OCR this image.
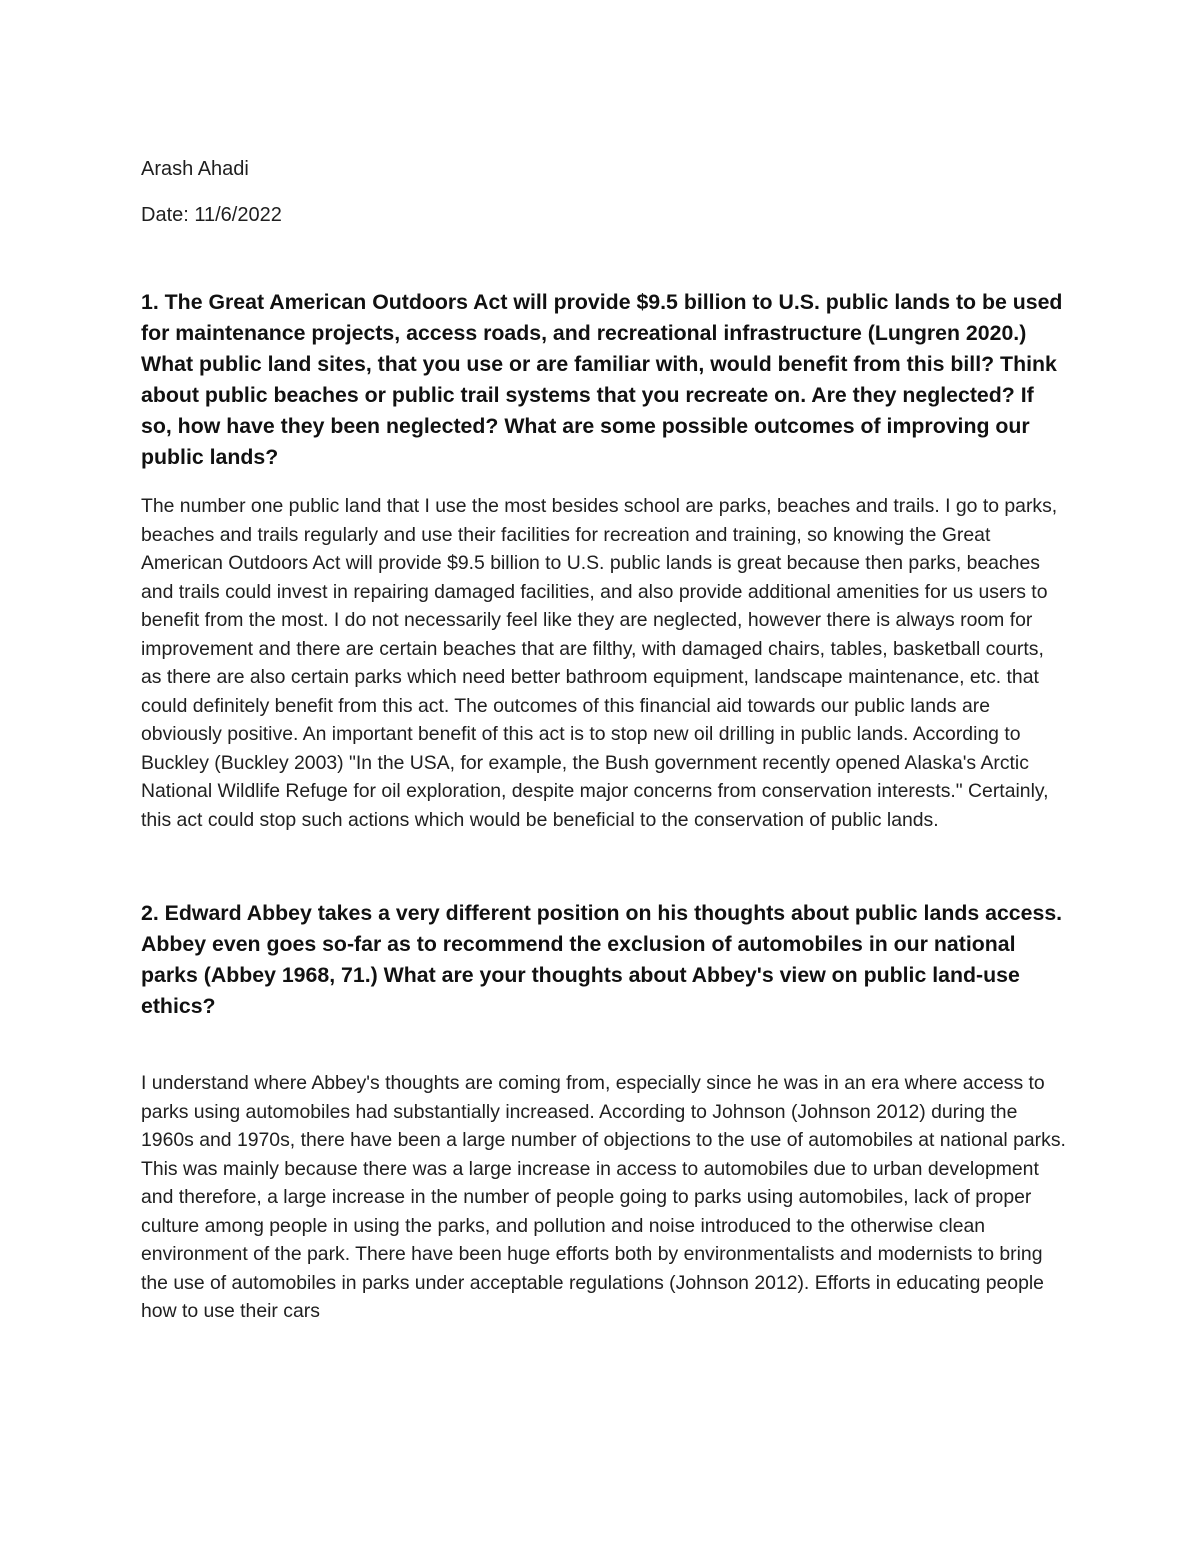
Arash Ahadi

Date: 11/6/2022

1. The Great American Outdoors Act will provide $9.5 billion to U.S. public lands to be used for maintenance projects, access roads, and recreational infrastructure (Lungren 2020.) What public land sites, that you use or are familiar with, would benefit from this bill? Think about public beaches or public trail systems that you recreate on. Are they neglected? If so, how have they been neglected? What are some possible outcomes of improving our public lands?

The number one public land that I use the most besides school are parks, beaches and trails. I go to parks, beaches and trails regularly and use their facilities for recreation and training, so knowing the Great American Outdoors Act will provide $9.5 billion to U.S. public lands is great because then parks, beaches and trails could invest in repairing damaged facilities, and also provide additional amenities for us users to benefit from the most. I do not necessarily feel like they are neglected, however there is always room for improvement and there are certain beaches that are filthy, with damaged chairs, tables, basketball courts, as there are also certain parks which need better bathroom equipment, landscape maintenance, etc. that could definitely benefit from this act. The outcomes of this financial aid towards our public lands are obviously positive. An important benefit of this act is to stop new oil drilling in public lands. According to Buckley (Buckley 2003) "In the USA, for example, the Bush government recently opened Alaska's Arctic National Wildlife Refuge for oil exploration, despite major concerns from conservation interests." Certainly, this act could stop such actions which would be beneficial to the conservation of public lands.

2. Edward Abbey takes a very different position on his thoughts about public lands access. Abbey even goes so-far as to recommend the exclusion of automobiles in our national parks (Abbey 1968, 71.) What are your thoughts about Abbey's view on public land-use ethics?

I understand where Abbey's thoughts are coming from, especially since he was in an era where access to parks using automobiles had substantially increased. According to Johnson (Johnson 2012) during the 1960s and 1970s, there have been a large number of objections to the use of automobiles at national parks. This was mainly because there was a large increase in access to automobiles due to urban development and therefore, a large increase in the number of people going to parks using automobiles, lack of proper culture among people in using the parks, and pollution and noise introduced to the otherwise clean environment of the park. There have been huge efforts both by environmentalists and modernists to bring the use of automobiles in parks under acceptable regulations (Johnson 2012). Efforts in educating people how to use their cars
